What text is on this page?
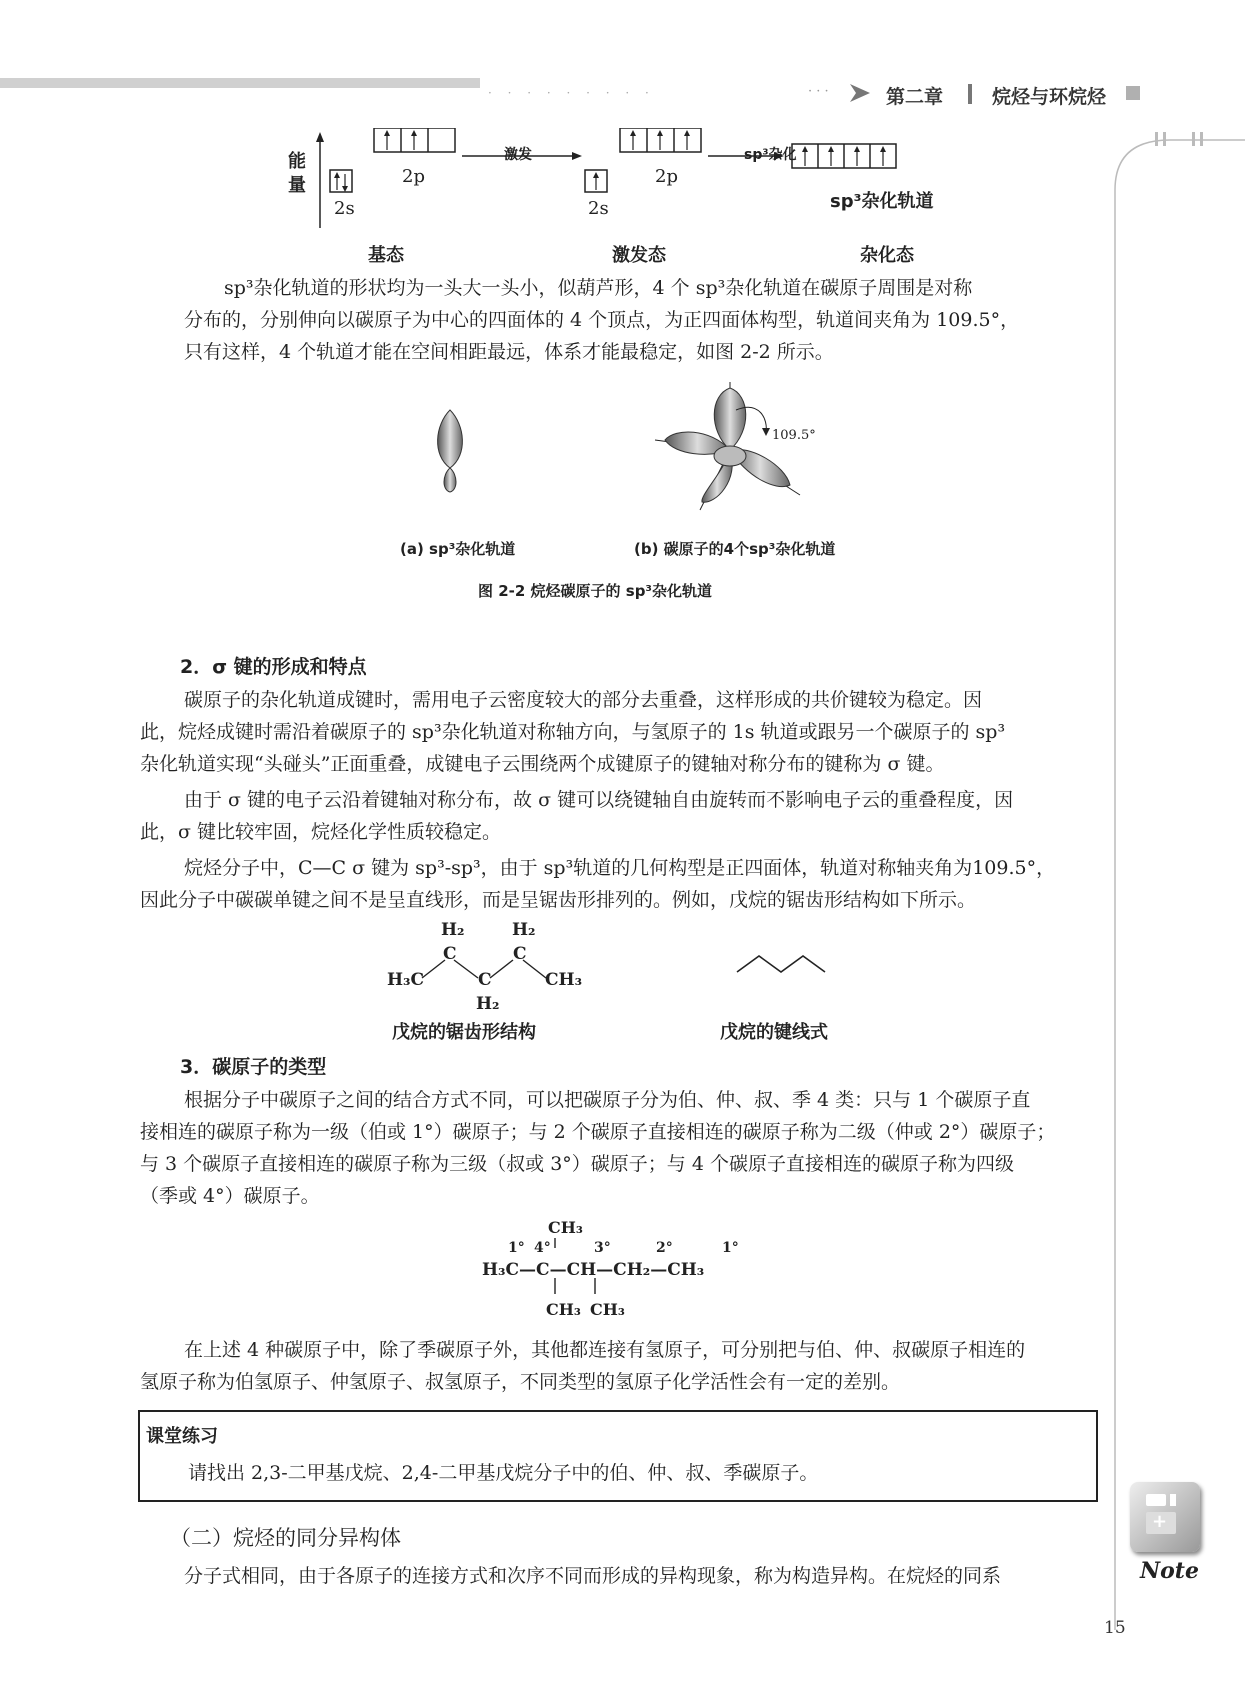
· · · · · · · · ·	· · ·	第二章	烷烃与环烷烃
能量
2s
2p
激发
2s
2p
sp³杂化
sp³杂化轨道
基态	激发态	杂化态
sp³杂化轨道的形状均为一头大一头小，似葫芦形，4 个 sp³杂化轨道在碳原子周围是对称
分布的，分别伸向以碳原子为中心的四面体的 4 个顶点，为正四面体构型，轨道间夹角为 109.5°，
只有这样，4 个轨道才能在空间相距最远，体系才能最稳定，如图 2-2 所示。
109.5°
(a) sp³杂化轨道	(b) 碳原子的4个sp³杂化轨道
图 2-2 烷烃碳原子的 sp³杂化轨道
2．σ 键的形成和特点
碳原子的杂化轨道成键时，需用电子云密度较大的部分去重叠，这样形成的共价键较为稳定。因
此，烷烃成键时需沿着碳原子的 sp³杂化轨道对称轴方向，与氢原子的 1s 轨道或跟另一个碳原子的 sp³
杂化轨道实现“头碰头”正面重叠，成键电子云围绕两个成键原子的键轴对称分布的键称为 σ 键。
由于 σ 键的电子云沿着键轴对称分布，故 σ 键可以绕键轴自由旋转而不影响电子云的重叠程度，因
此，σ 键比较牢固，烷烃化学性质较稳定。
烷烃分子中，C—C σ 键为 sp³-sp³，由于 sp³轨道的几何构型是正四面体，轨道对称轴夹角为109.5°，
因此分子中碳碳单键之间不是呈直线形，而是呈锯齿形排列的。例如，戊烷的锯齿形结构如下所示。
H₂	H₂
C	C
H₃C	C	CH₃
H₂
戊烷的锯齿形结构	戊烷的键线式
3．碳原子的类型
根据分子中碳原子之间的结合方式不同，可以把碳原子分为伯、仲、叔、季 4 类：只与 1 个碳原子直
接相连的碳原子称为一级（伯或 1°）碳原子；与 2 个碳原子直接相连的碳原子称为二级（仲或 2°）碳原子；
与 3 个碳原子直接相连的碳原子称为三级（叔或 3°）碳原子；与 4 个碳原子直接相连的碳原子称为四级
（季或 4°）碳原子。
CH₃
1° 4°	3°	2°	1°
H₃C—C—CH—CH₂—CH₃
CH₃ CH₃
在上述 4 种碳原子中，除了季碳原子外，其他都连接有氢原子，可分别把与伯、仲、叔碳原子相连的
氢原子称为伯氢原子、仲氢原子、叔氢原子，不同类型的氢原子化学活性会有一定的差别。
课堂练习
请找出 2,3-二甲基戊烷、2,4-二甲基戊烷分子中的伯、仲、叔、季碳原子。
（二）烷烃的同分异构体
分子式相同，由于各原子的连接方式和次序不同而形成的异构现象，称为构造异构。在烷烃的同系
+
Note
15
